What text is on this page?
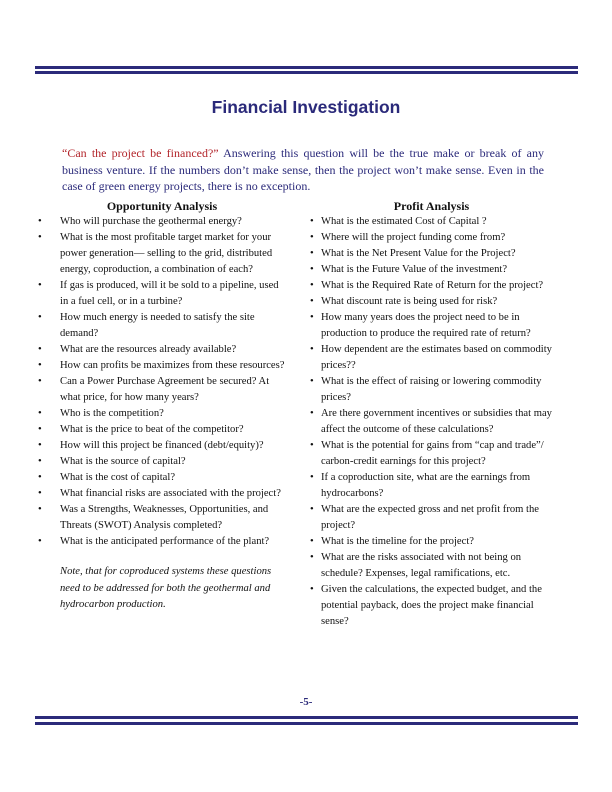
Financial Investigation
“Can the project be financed?” Answering this question will be the true make or break of any business venture. If the numbers don’t make sense, then the project won’t make sense. Even in the case of green energy projects, there is no exception.
Opportunity Analysis
• Who will purchase the geothermal energy?
• What is the most profitable target market for your power generation— selling to the grid, distributed energy, coproduction, a combination of each?
• If gas is produced, will it be sold to a pipeline, used in a fuel cell, or in a turbine?
• How much energy is needed to satisfy the site demand?
• What are the resources already available?
• How can profits be maximizes from these resources?
• Can a Power Purchase Agreement be secured? At what price, for how many years?
• Who is the competition?
• What is the price to beat of the competitor?
• How will this project be financed (debt/equity)?
• What is the source of capital?
• What is the cost of capital?
• What financial risks are associated with the project?
• Was a Strengths, Weaknesses, Opportunities, and Threats (SWOT) Analysis completed?
• What is the anticipated performance of the plant?
Note, that for coproduced systems these questions need to be addressed for both the geothermal and hydrocarbon production.
Profit Analysis
• What is the estimated Cost of Capital ?
• Where will the project funding come from?
• What is the Net Present Value for the Project?
• What is the Future Value of the investment?
• What is the Required Rate of Return for the project?
• What discount rate is being used for risk?
• How many years does the project need to be in production to produce the required rate of return?
• How dependent are the estimates based on commodity prices??
• What is the effect of raising or lowering commodity prices?
• Are there government incentives or subsidies that may affect the outcome of these calculations?
• What is the potential for gains from “cap and trade”/ carbon-credit earnings for this project?
• If a coproduction site, what are the earnings from hydrocarbons?
• What are the expected gross and net profit from the project?
• What is the timeline for the project?
• What are the risks associated with not being on schedule? Expenses, legal ramifications, etc.
• Given the calculations, the expected budget, and the potential payback, does the project make financial sense?
-5-
